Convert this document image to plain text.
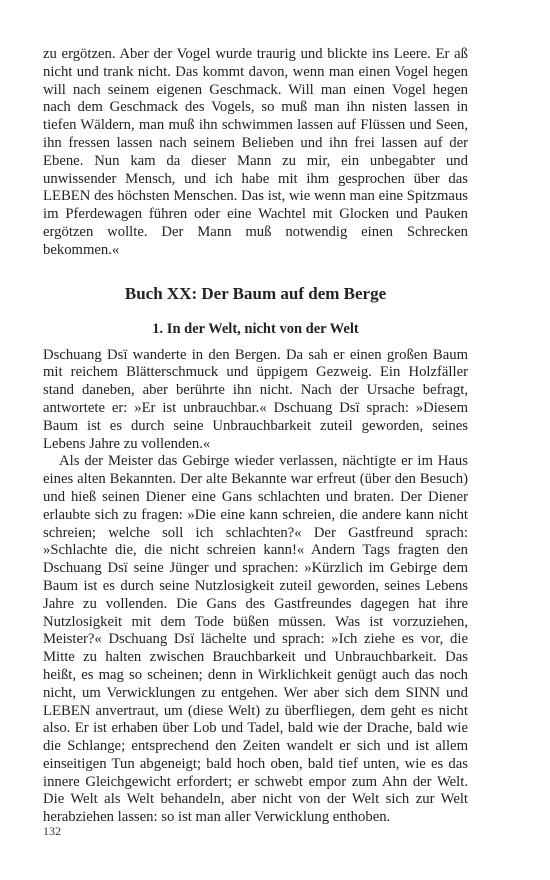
zu ergötzen. Aber der Vogel wurde traurig und blickte ins Leere. Er aß nicht und trank nicht. Das kommt davon, wenn man einen Vogel hegen will nach seinem eigenen Geschmack. Will man einen Vogel hegen nach dem Geschmack des Vogels, so muß man ihn nisten lassen in tiefen Wäldern, man muß ihn schwimmen lassen auf Flüssen und Seen, ihn fressen lassen nach seinem Belieben und ihn frei lassen auf der Ebene. Nun kam da dieser Mann zu mir, ein unbegabter und unwissender Mensch, und ich habe mit ihm gesprochen über das LEBEN des höchsten Menschen. Das ist, wie wenn man eine Spitzmaus im Pferdewagen führen oder eine Wachtel mit Glocken und Pauken ergötzen wollte. Der Mann muß notwendig einen Schrecken bekommen.«

Buch XX: Der Baum auf dem Berge
1. In der Welt, nicht von der Welt

Dschuang Dsï wanderte in den Bergen. Da sah er einen großen Baum mit reichem Blätterschmuck und üppigem Gezweig. Ein Holzfäller stand daneben, aber berührte ihn nicht. Nach der Ursache befragt, antwortete er: »Er ist unbrauchbar.« Dschuang Dsï sprach: »Diesem Baum ist es durch seine Unbrauchbarkeit zuteil geworden, seines Lebens Jahre zu vollenden.«

Als der Meister das Gebirge wieder verlassen, nächtigte er im Haus eines alten Bekannten. Der alte Bekannte war erfreut (über den Besuch) und hieß seinen Diener eine Gans schlachten und braten. Der Diener erlaubte sich zu fragen: »Die eine kann schreien, die andere kann nicht schreien; welche soll ich schlachten?« Der Gastfreund sprach: »Schlachte die, die nicht schreien kann!« Andern Tags fragten den Dschuang Dsï seine Jünger und sprachen: »Kürzlich im Gebirge dem Baum ist es durch seine Nutzlosigkeit zuteil geworden, seines Lebens Jahre zu vollenden. Die Gans des Gastfreundes dagegen hat ihre Nutzlosigkeit mit dem Tode büßen müssen. Was ist vorzuziehen, Meister?« Dschuang Dsï lächelte und sprach: »Ich ziehe es vor, die Mitte zu halten zwischen Brauchbarkeit und Unbrauchbarkeit. Das heißt, es mag so scheinen; denn in Wirklichkeit genügt auch das noch nicht, um Verwicklungen zu entgehen. Wer aber sich dem SINN und LEBEN anvertraut, um (diese Welt) zu überfliegen, dem geht es nicht also. Er ist erhaben über Lob und Tadel, bald wie der Drache, bald wie die Schlange; entsprechend den Zeiten wandelt er sich und ist allem einseitigen Tun abgeneigt; bald hoch oben, bald tief unten, wie es das innere Gleichgewicht erfordert; er schwebt empor zum Ahn der Welt. Die Welt als Welt behandeln, aber nicht von der Welt sich zur Welt herabziehen lassen: so ist man aller Verwicklung enthoben.

132
